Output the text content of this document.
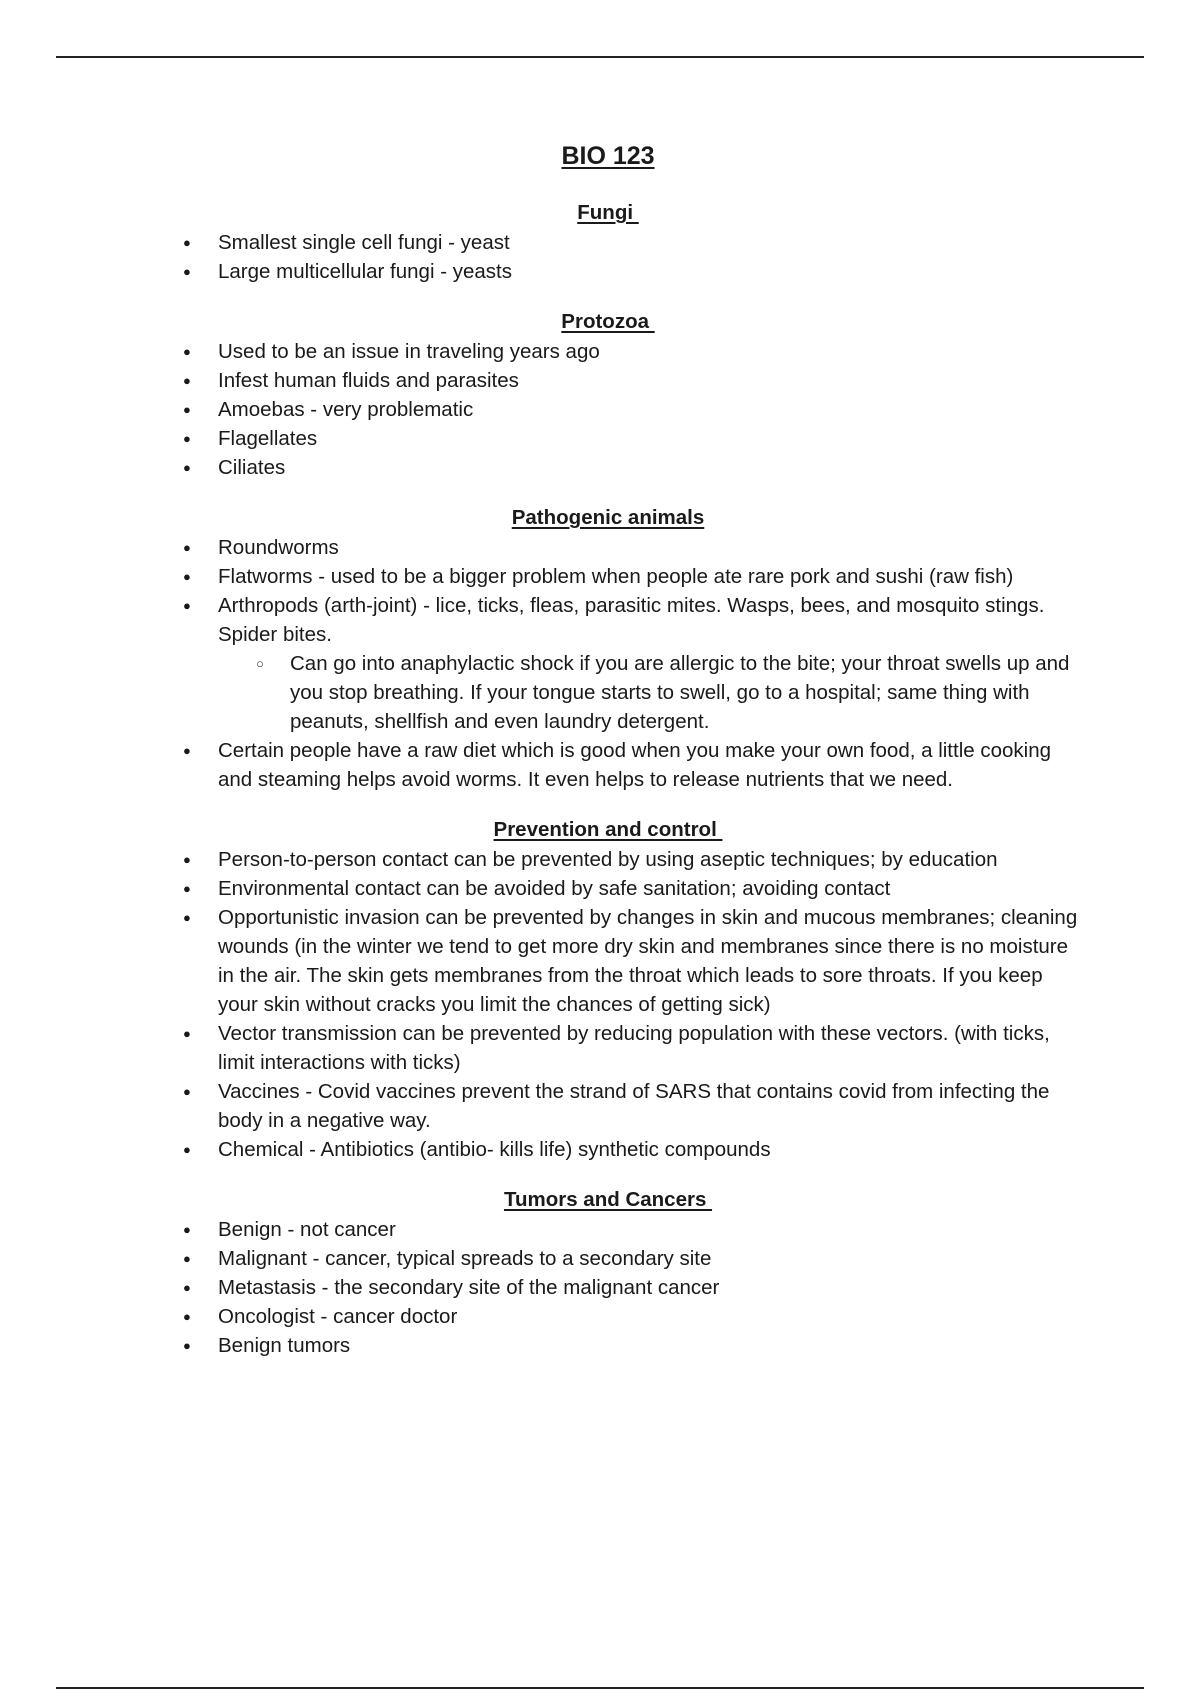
BIO 123
Fungi
● Smallest single cell fungi - yeast
● Large multicellular fungi - yeasts
Protozoa
● Used to be an issue in traveling years ago
● Infest human fluids and parasites
● Amoebas - very problematic
● Flagellates
● Ciliates
Pathogenic animals
● Roundworms
● Flatworms - used to be a bigger problem when people ate rare pork and sushi (raw fish)
● Arthropods (arth-joint) - lice, ticks, fleas, parasitic mites. Wasps, bees, and mosquito stings. Spider bites.
○ Can go into anaphylactic shock if you are allergic to the bite; your throat swells up and you stop breathing. If your tongue starts to swell, go to a hospital; same thing with peanuts, shellfish and even laundry detergent.
● Certain people have a raw diet which is good when you make your own food, a little cooking and steaming helps avoid worms. It even helps to release nutrients that we need.
Prevention and control
● Person-to-person contact can be prevented by using aseptic techniques; by education
● Environmental contact can be avoided by safe sanitation; avoiding contact
● Opportunistic invasion can be prevented by changes in skin and mucous membranes; cleaning wounds (in the winter we tend to get more dry skin and membranes since there is no moisture in the air. The skin gets membranes from the throat which leads to sore throats. If you keep your skin without cracks you limit the chances of getting sick)
● Vector transmission can be prevented by reducing population with these vectors. (with ticks, limit interactions with ticks)
● Vaccines - Covid vaccines prevent the strand of SARS that contains covid from infecting the body in a negative way.
● Chemical - Antibiotics (antibio- kills life) synthetic compounds
Tumors and Cancers
● Benign - not cancer
● Malignant - cancer, typical spreads to a secondary site
● Metastasis - the secondary site of the malignant cancer
● Oncologist - cancer doctor
● Benign tumors
